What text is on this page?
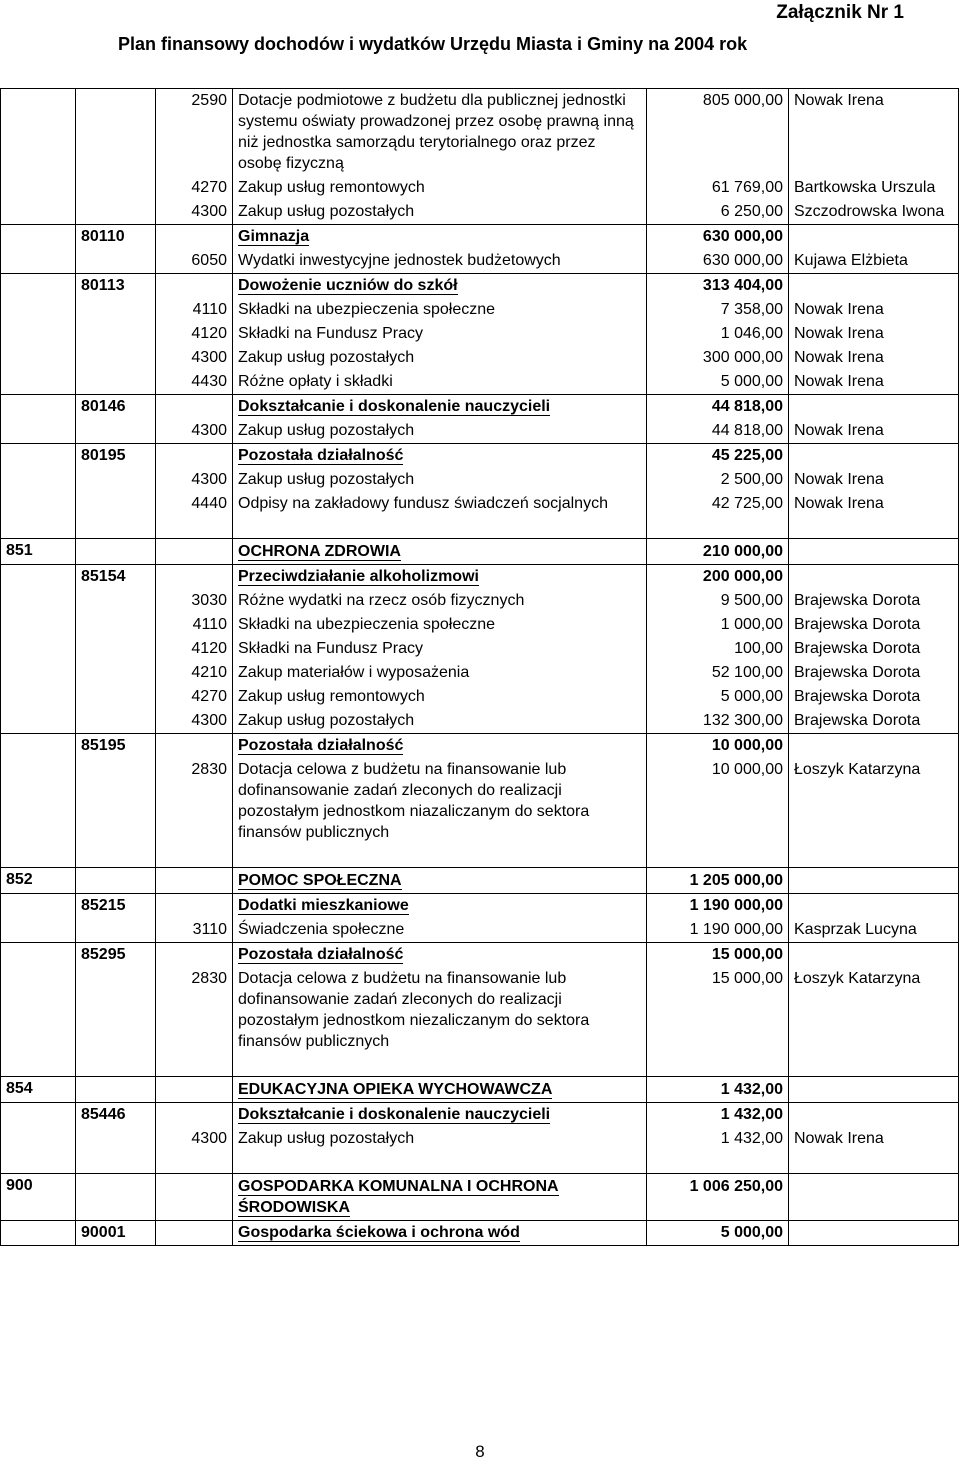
Załącznik Nr 1
Plan finansowy dochodów i wydatków Urzędu Miasta i Gminy na 2004 rok
		2590	Dotacje podmiotowe z budżetu dla publicznej jednostki systemu oświaty prowadzonej przez osobę prawną inną niż jednostka samorządu terytorialnego oraz przez osobę fizyczną	805 000,00	Nowak Irena
		4270	Zakup usług remontowych	61 769,00	Bartkowska Urszula
		4300	Zakup usług pozostałych	6 250,00	Szczodrowska Iwona
	80110		Gimnazja	630 000,00	
		6050	Wydatki inwestycyjne jednostek budżetowych	630 000,00	Kujawa Elżbieta
	80113		Dowożenie uczniów do szkół	313 404,00	
		4110	Składki na ubezpieczenia społeczne	7 358,00	Nowak Irena
		4120	Składki na Fundusz Pracy	1 046,00	Nowak Irena
		4300	Zakup usług pozostałych	300 000,00	Nowak Irena
		4430	Różne opłaty i składki	5 000,00	Nowak Irena
	80146		Dokształcanie i doskonalenie nauczycieli	44 818,00	
		4300	Zakup usług pozostałych	44 818,00	Nowak Irena
	80195		Pozostała działalność	45 225,00	
		4300	Zakup usług pozostałych	2 500,00	Nowak Irena
		4440	Odpisy na zakładowy fundusz świadczeń socjalnych	42 725,00	Nowak Irena

851			OCHRONA ZDROWIA	210 000,00	
	85154		Przeciwdziałanie alkoholizmowi	200 000,00	
		3030	Różne wydatki na rzecz osób fizycznych	9 500,00	Brajewska Dorota
		4110	Składki na ubezpieczenia społeczne	1 000,00	Brajewska Dorota
		4120	Składki na Fundusz Pracy	100,00	Brajewska Dorota
		4210	Zakup materiałów i wyposażenia	52 100,00	Brajewska Dorota
		4270	Zakup usług remontowych	5 000,00	Brajewska Dorota
		4300	Zakup usług pozostałych	132 300,00	Brajewska Dorota
	85195		Pozostała działalność	10 000,00	
		2830	Dotacja celowa z budżetu na finansowanie lub dofinansowanie zadań zleconych do realizacji pozostałym jednostkom niazaliczanym do sektora finansów publicznych	10 000,00	Łoszyk Katarzyna

852			POMOC SPOŁECZNA	1 205 000,00	
	85215		Dodatki mieszkaniowe	1 190 000,00	
		3110	Świadczenia społeczne	1 190 000,00	Kasprzak Lucyna
	85295		Pozostała działalność	15 000,00	
		2830	Dotacja celowa z budżetu na finansowanie lub dofinansowanie zadań zleconych do realizacji pozostałym jednostkom niezaliczanym do sektora finansów publicznych	15 000,00	Łoszyk Katarzyna

854			EDUKACYJNA OPIEKA WYCHOWAWCZA	1 432,00	
	85446		Dokształcanie i doskonalenie nauczycieli	1 432,00	
		4300	Zakup usług pozostałych	1 432,00	Nowak Irena

900			GOSPODARKA KOMUNALNA I OCHRONA ŚRODOWISKA	1 006 250,00	
	90001		Gospodarka ściekowa i ochrona wód	5 000,00	
8
